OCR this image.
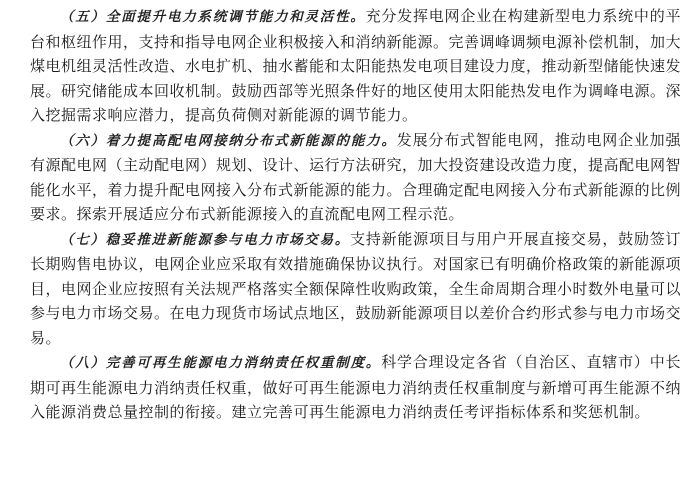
（五）全面提升电力系统调节能力和灵活性。充分发挥电网企业在构建新型电力系统中的平台和枢纽作用，支持和指导电网企业积极接入和消纳新能源。完善调峰调频电源补偿机制，加大煤电机组灵活性改造、水电扩机、抽水蓄能和太阳能热发电项目建设力度，推动新型储能快速发展。研究储能成本回收机制。鼓励西部等光照条件好的地区使用太阳能热发电作为调峰电源。深入挖掘需求响应潜力，提高负荷侧对新能源的调节能力。

（六）着力提高配电网接纳分布式新能源的能力。发展分布式智能电网，推动电网企业加强有源配电网（主动配电网）规划、设计、运行方法研究，加大投资建设改造力度，提高配电网智能化水平，着力提升配电网接入分布式新能源的能力。合理确定配电网接入分布式新能源的比例要求。探索开展适应分布式新能源接入的直流配电网工程示范。

（七）稳妥推进新能源参与电力市场交易。支持新能源项目与用户开展直接交易，鼓励签订长期购售电协议，电网企业应采取有效措施确保协议执行。对国家已有明确价格政策的新能源项目，电网企业应按照有关法规严格落实全额保障性收购政策，全生命周期合理小时数外电量可以参与电力市场交易。在电力现货市场试点地区，鼓励新能源项目以差价合约形式参与电力市场交易。

（八）完善可再生能源电力消纳责任权重制度。科学合理设定各省（自治区、直辖市）中长期可再生能源电力消纳责任权重，做好可再生能源电力消纳责任权重制度与新增可再生能源不纳入能源消费总量控制的衔接。建立完善可再生能源电力消纳责任考评指标体系和奖惩机制。
